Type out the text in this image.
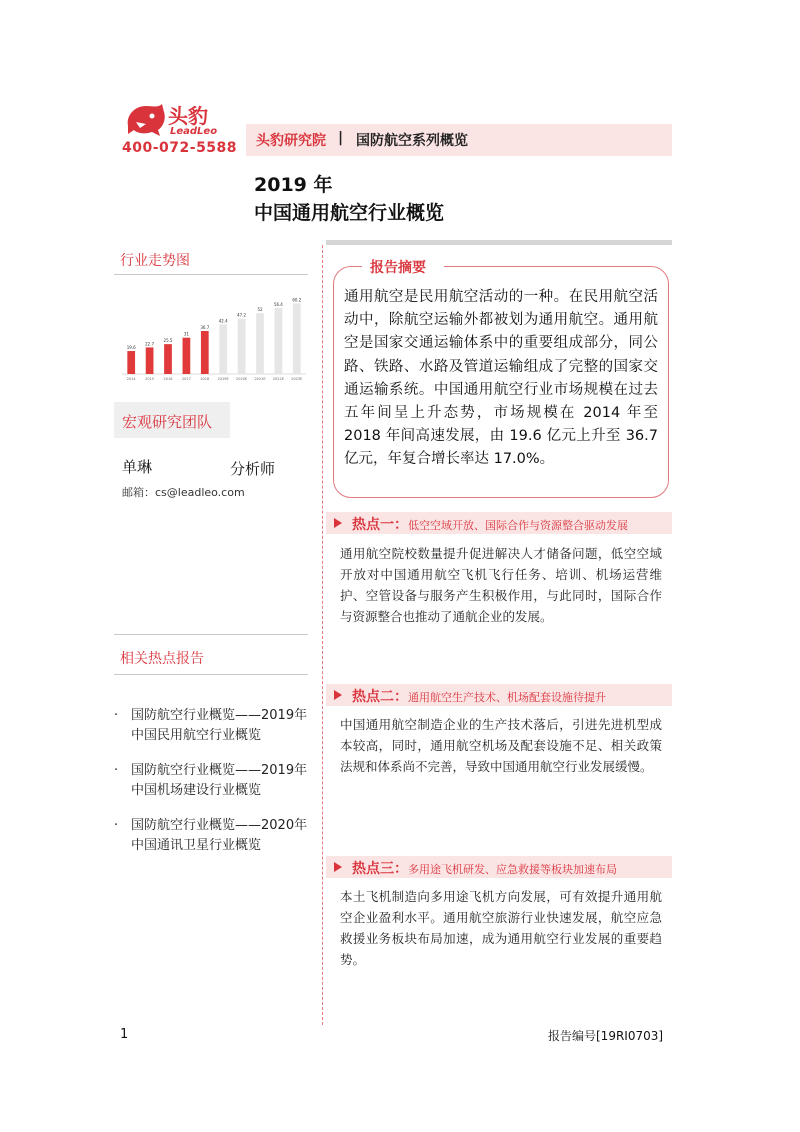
头豹
LeadLeo
400-072-5588 头豹研究院 | 国防航空系列概览
2019 年
中国通用航空行业概览
行业走势图
19.6
2014
22.7
2015
25.5
2016
31
2017
36.7
2018
42.4
2019E
47.2
2020E
52
2021E
56.4
2022E
60.2
2023E
宏观研究团队
单琳	分析师
邮箱：cs@leadleo.com
相关热点报告
· 国防航空行业概览——2019年中国民用航空行业概览
· 国防航空行业概览——2019年中国机场建设行业概览
· 国防航空行业概览——2020年中国通讯卫星行业概览
报告摘要
通用航空是民用航空活动的一种。在民用航空活动中，除航空运输外都被划为通用航空。通用航空是国家交通运输体系中的重要组成部分，同公路、铁路、水路及管道运输组成了完整的国家交通运输系统。中国通用航空行业市场规模在过去五年间呈上升态势，市场规模在 2014 年至 2018 年间高速发展，由 19.6 亿元上升至 36.7 亿元，年复合增长率达 17.0%。
热点一：低空空域开放、国际合作与资源整合驱动发展
通用航空院校数量提升促进解决人才储备问题，低空空域开放对中国通用航空飞机飞行任务、培训、机场运营维护、空管设备与服务产生积极作用，与此同时，国际合作与资源整合也推动了通航企业的发展。
热点二：通用航空生产技术、机场配套设施待提升
中国通用航空制造企业的生产技术落后，引进先进机型成本较高，同时，通用航空机场及配套设施不足、相关政策法规和体系尚不完善，导致中国通用航空行业发展缓慢。
热点三：多用途飞机研发、应急救援等板块加速布局
本土飞机制造向多用途飞机方向发展，可有效提升通用航空企业盈利水平。通用航空旅游行业快速发展，航空应急救援业务板块布局加速，成为通用航空行业发展的重要趋势。
1	报告编号[19RI0703]
